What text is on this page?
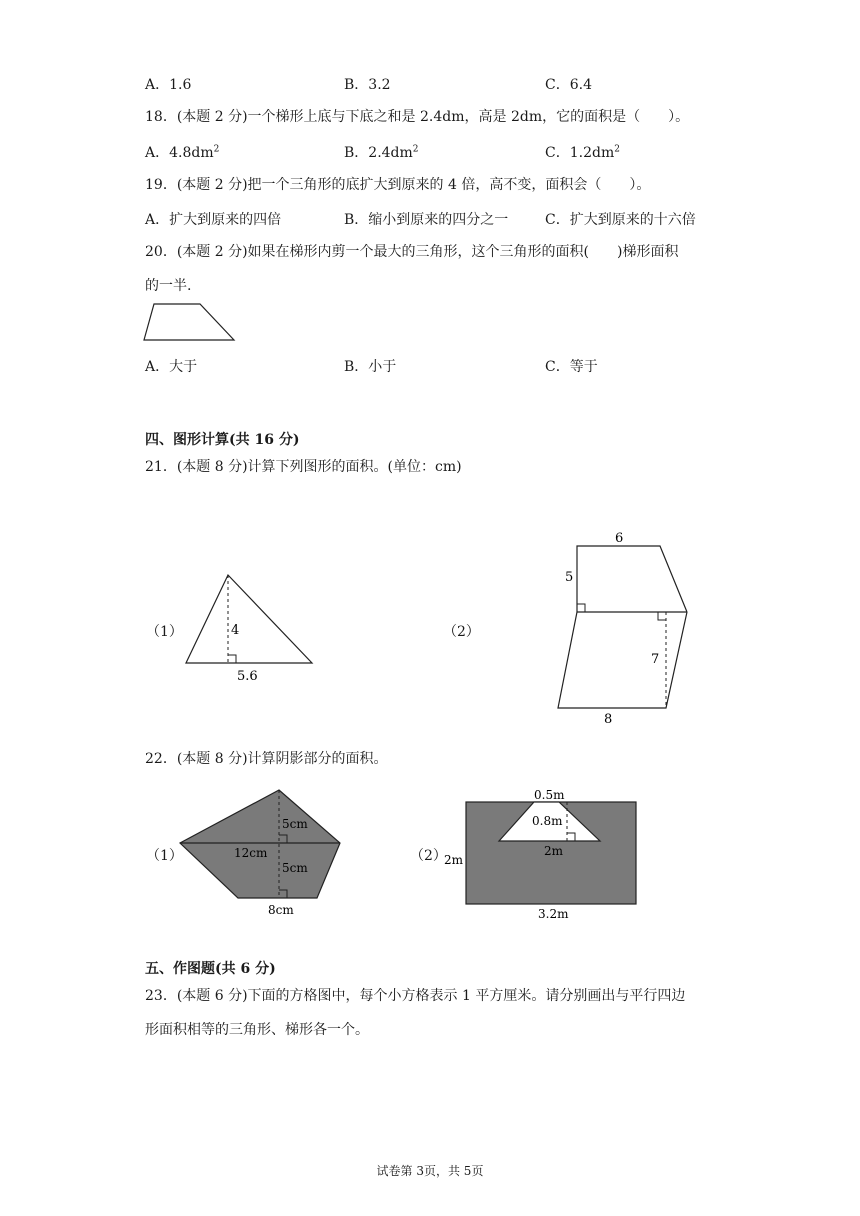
A．1.6	B．3.2	C．6.4
18．(本题 2 分)一个梯形上底与下底之和是 2.4dm，高是 2dm，它的面积是（　　）。
A．$4.8dm^2$	B．$2.4dm^2$	C．$1.2dm^2$
19．(本题 2 分)把一个三角形的底扩大到原来的 4 倍，高不变，面积会（　　）。
A．扩大到原来的四倍	B．缩小到原来的四分之一	C．扩大到原来的十六倍
20．(本题 2 分)如果在梯形内剪一个最大的三角形，这个三角形的面积(　　)梯形面积
的一半.
A．大于	B．小于	C．等于
四、图形计算(共 16 分)
21．(本题 8 分)计算下列图形的面积。(单位：cm)
（1）	4
5.6
（2）
6
5
7
8
22．(本题 8 分)计算阴影部分的面积。
（1）
5cm
12cm
5cm
8cm
（2）
0.5m
0.8m
2m
2m
3.2m
五、作图题(共 6 分)
23．(本题 6 分)下面的方格图中，每个小方格表示 1 平方厘米。请分别画出与平行四边
形面积相等的三角形、梯形各一个。
试卷第 3页，共 5页
